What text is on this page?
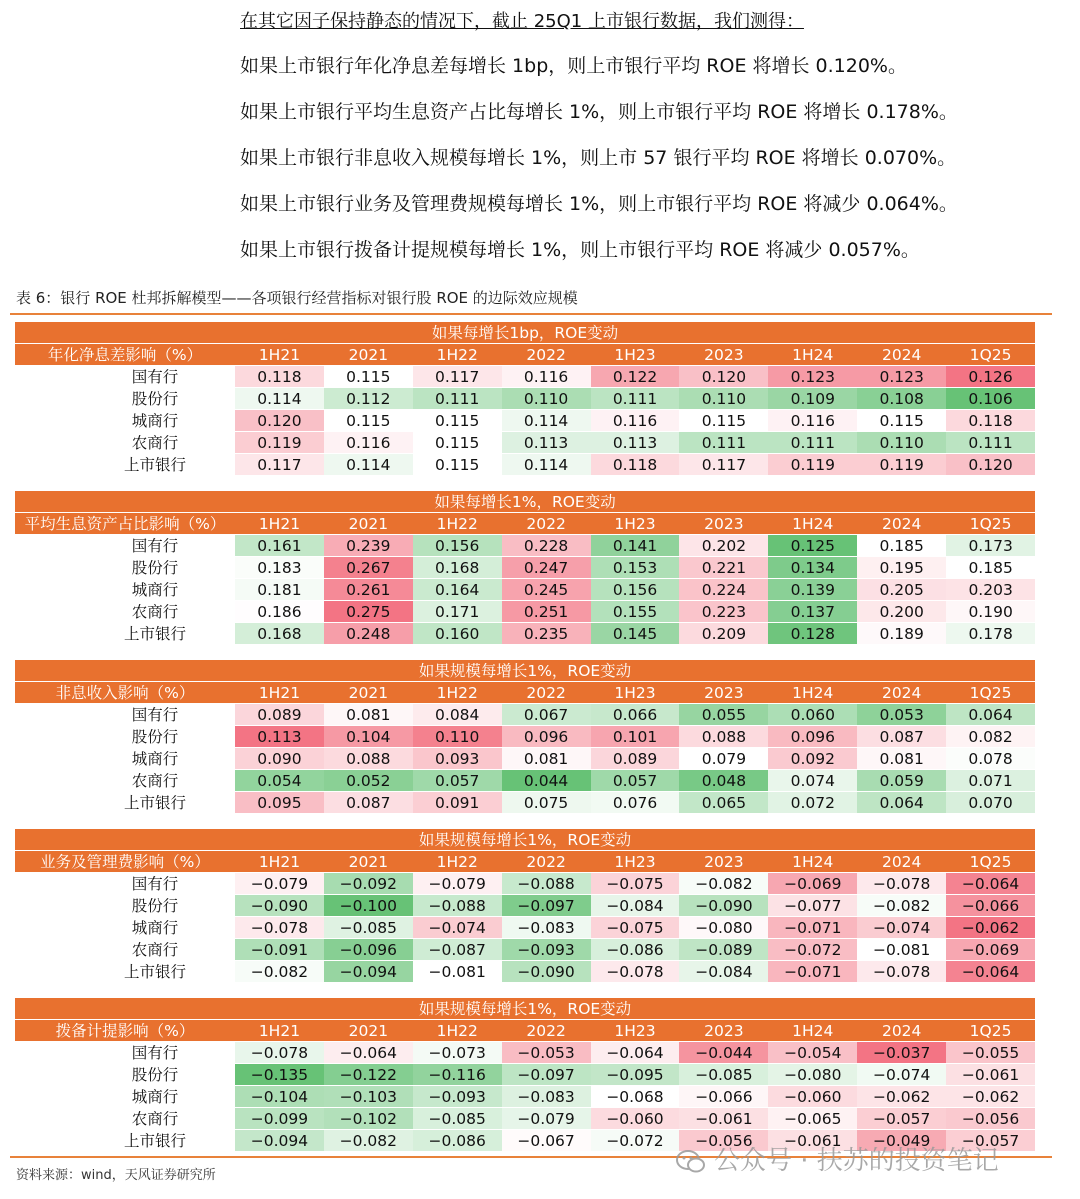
在其它因子保持静态的情况下，截止 25Q1 上市银行数据，我们测得：

如果上市银行年化净息差每增长 1bp，则上市银行平均 ROE 将增长 0.120%。

如果上市银行平均生息资产占比每增长 1%，则上市银行平均 ROE 将增长 0.178%。

如果上市银行非息收入规模每增长 1%，则上市 57 银行平均 ROE 将增长 0.070%。

如果上市银行业务及管理费规模每增长 1%，则上市银行平均 ROE 将减少 0.064%。

如果上市银行拨备计提规模每增长 1%，则上市银行平均 ROE 将减少 0.057%。

表 6：银行 ROE 杜邦拆解模型——各项银行经营指标对银行股 ROE 的边际效应规模
如果每增长1bp，ROE变动									
年化净息差影响（%）	1H21	2021	1H22	2022	1H23	2023	1H24	2024	1Q25
国有行	0.118	0.115	0.117	0.116	0.122	0.120	0.123	0.123	0.126
股份行	0.114	0.112	0.111	0.110	0.111	0.110	0.109	0.108	0.106
城商行	0.120	0.115	0.115	0.114	0.116	0.115	0.116	0.115	0.118
农商行	0.119	0.116	0.115	0.113	0.113	0.111	0.111	0.110	0.111
上市银行	0.117	0.114	0.115	0.114	0.118	0.117	0.119	0.119	0.120
如果每增长1%，ROE变动									
平均生息资产占比影响（%）	1H21	2021	1H22	2022	1H23	2023	1H24	2024	1Q25
国有行	0.161	0.239	0.156	0.228	0.141	0.202	0.125	0.185	0.173
股份行	0.183	0.267	0.168	0.247	0.153	0.221	0.134	0.195	0.185
城商行	0.181	0.261	0.164	0.245	0.156	0.224	0.139	0.205	0.203
农商行	0.186	0.275	0.171	0.251	0.155	0.223	0.137	0.200	0.190
上市银行	0.168	0.248	0.160	0.235	0.145	0.209	0.128	0.189	0.178
如果规模每增长1%，ROE变动									
非息收入影响（%）	1H21	2021	1H22	2022	1H23	2023	1H24	2024	1Q25
国有行	0.089	0.081	0.084	0.067	0.066	0.055	0.060	0.053	0.064
股份行	0.113	0.104	0.110	0.096	0.101	0.088	0.096	0.087	0.082
城商行	0.090	0.088	0.093	0.081	0.089	0.079	0.092	0.081	0.078
农商行	0.054	0.052	0.057	0.044	0.057	0.048	0.074	0.059	0.071
上市银行	0.095	0.087	0.091	0.075	0.076	0.065	0.072	0.064	0.070
如果规模每增长1%，ROE变动									
业务及管理费影响（%）	1H21	2021	1H22	2022	1H23	2023	1H24	2024	1Q25
国有行	−0.079	−0.092	−0.079	−0.088	−0.075	−0.082	−0.069	−0.078	−0.064
股份行	−0.090	−0.100	−0.088	−0.097	−0.084	−0.090	−0.077	−0.082	−0.066
城商行	−0.078	−0.085	−0.074	−0.083	−0.075	−0.080	−0.071	−0.074	−0.062
农商行	−0.091	−0.096	−0.087	−0.093	−0.086	−0.089	−0.072	−0.081	−0.069
上市银行	−0.082	−0.094	−0.081	−0.090	−0.078	−0.084	−0.071	−0.078	−0.064
如果规模每增长1%，ROE变动									
拨备计提影响（%）	1H21	2021	1H22	2022	1H23	2023	1H24	2024	1Q25
国有行	−0.078	−0.064	−0.073	−0.053	−0.064	−0.044	−0.054	−0.037	−0.055
股份行	−0.135	−0.122	−0.116	−0.097	−0.095	−0.085	−0.080	−0.074	−0.061
城商行	−0.104	−0.103	−0.093	−0.083	−0.068	−0.066	−0.060	−0.062	−0.062
农商行	−0.099	−0.102	−0.085	−0.079	−0.060	−0.061	−0.065	−0.057	−0.056
上市银行	−0.094	−0.082	−0.086	−0.067	−0.072	−0.056	−0.061	−0.049	−0.057
资料来源：wind，天风证券研究所	公众号 · 扶苏的投资笔记
